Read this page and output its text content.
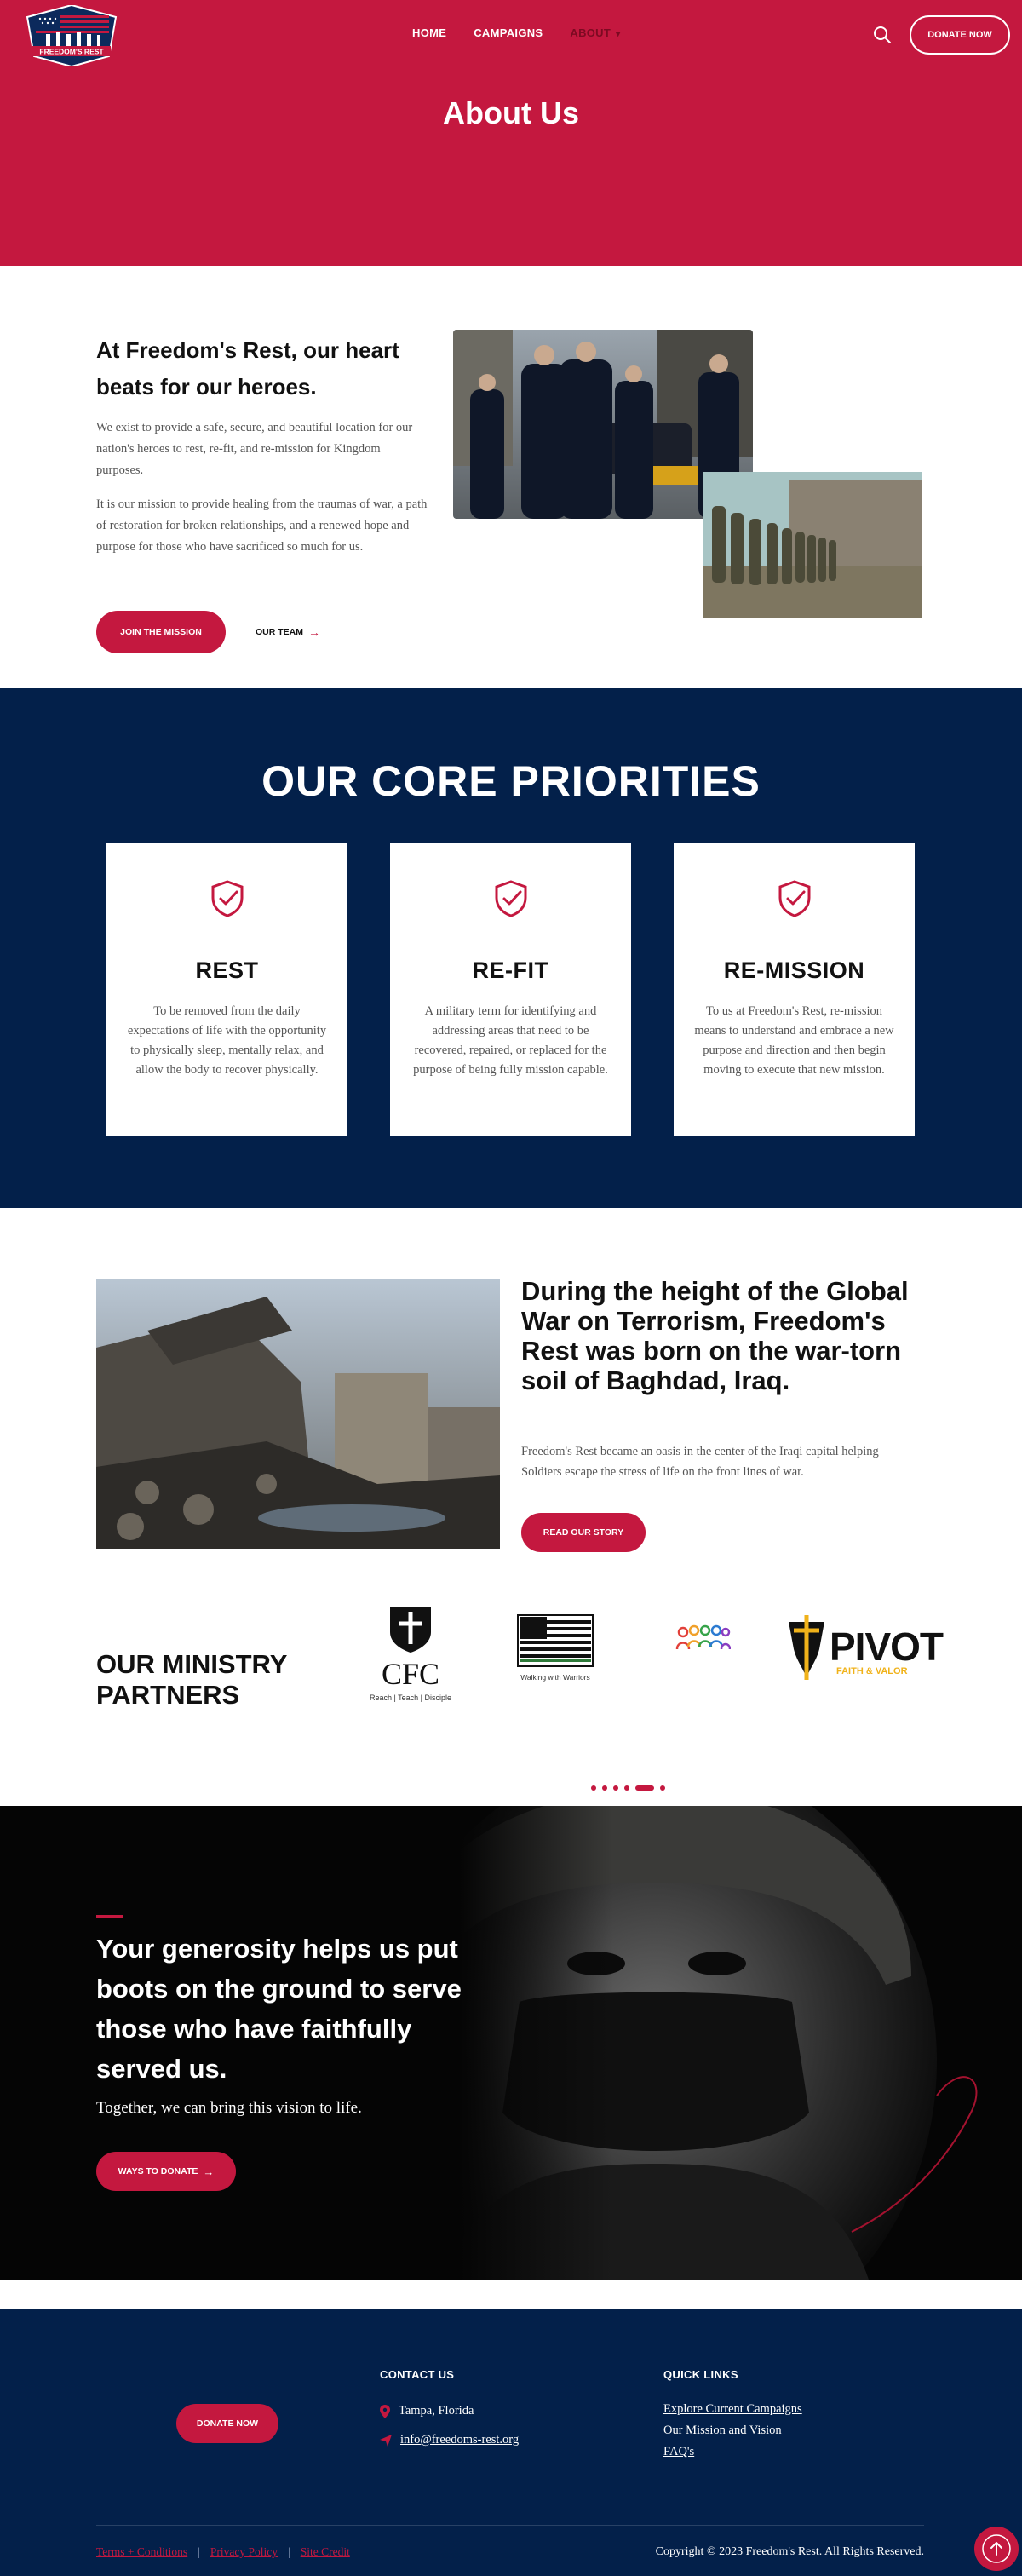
FREEDOM'S REST
HOME CAMPAIGNS ABOUT ▾	DONATE NOW
About Us
At Freedom's Rest, our heart beats for our heroes.

We exist to provide a safe, secure, and beautiful location for our nation's heroes to rest, re-fit, and re-mission for Kingdom purposes.

It is our mission to provide healing from the traumas of war, a path of restoration for broken relationships, and a renewed hope and purpose for those who have sacrificed so much for us.

JOIN THE MISSION	OUR TEAM →
OUR CORE PRIORITIES
REST

To be removed from the daily expectations of life with the opportunity to physically sleep, mentally relax, and allow the body to recover physically.

RE-FIT

A military term for identifying and addressing areas that need to be recovered, repaired, or replaced for the purpose of being fully mission capable.

RE-MISSION

To us at Freedom's Rest, re-mission means to understand and embrace a new purpose and direction and then begin moving to execute that new mission.

During the height of the Global War on Terrorism, Freedom's Rest was born on the war-torn soil of Baghdad, Iraq.

Freedom's Rest became an oasis in the center of the Iraqi capital helping Soldiers escape the stress of life on the front lines of war.

READ OUR STORY
OUR MINISTRY PARTNERS
CFC
Reach | Teach | Disciple
Walking with Warriors
PIVOT
FAITH & VALOR
Your generosity helps us put boots on the ground to serve those who have faithfully served us.

Together, we can bring this vision to life.

WAYS TO DONATE →
DONATE NOW
CONTACT US
Tampa, Florida
info@freedoms-rest.org
QUICK LINKS
Explore Current Campaigns
Our Mission and Vision
FAQ's
Terms + Conditions | Privacy Policy | Site Credit	Copyright © 2023 Freedom's Rest. All Rights Reserved.
